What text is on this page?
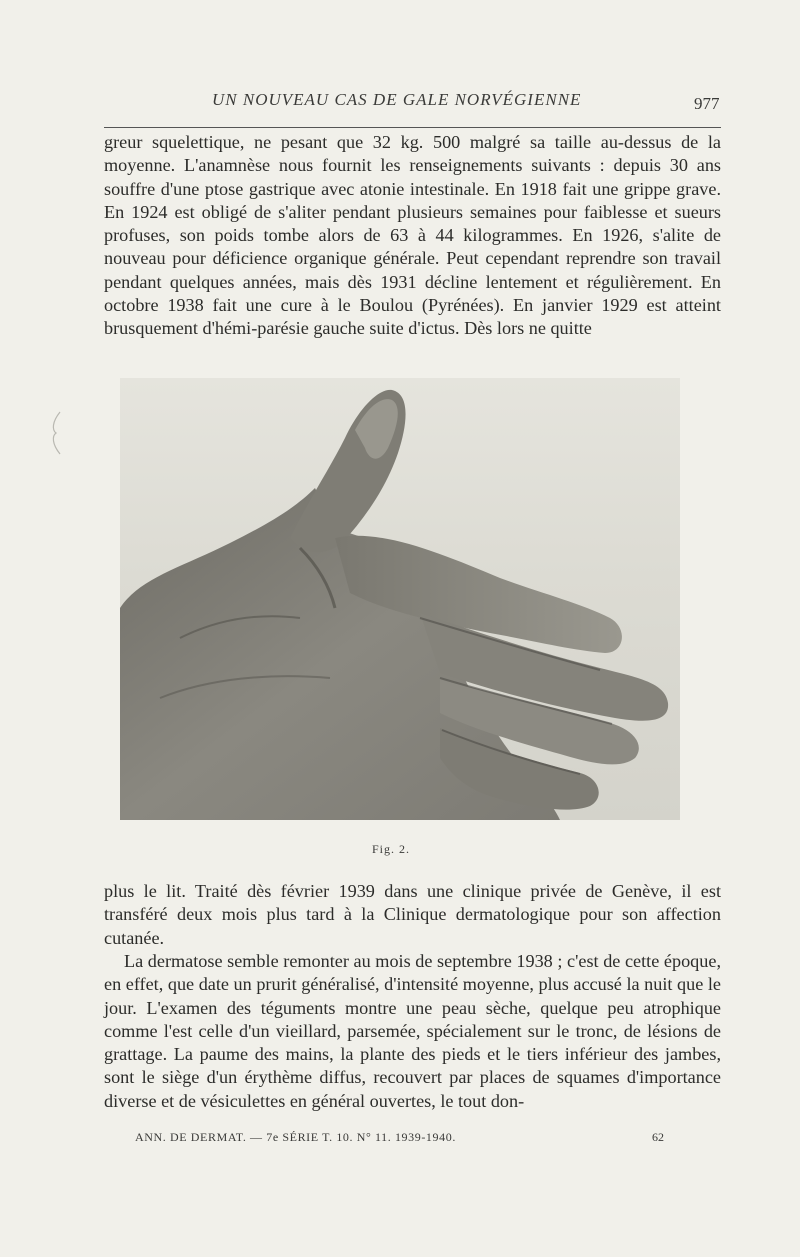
UN NOUVEAU CAS DE GALE NORVÉGIENNE	977

greur squelettique, ne pesant que 32 kg. 500 malgré sa taille au-dessus de la moyenne. L'anamnèse nous fournit les renseignements suivants : depuis 30 ans souffre d'une ptose gastrique avec atonie intestinale. En 1918 fait une grippe grave. En 1924 est obligé de s'aliter pendant plusieurs semaines pour faiblesse et sueurs profuses, son poids tombe alors de 63 à 44 kilogrammes. En 1926, s'alite de nouveau pour déficience organique générale. Peut cependant reprendre son travail pendant quelques années, mais dès 1931 décline lentement et régulièrement. En octobre 1938 fait une cure à le Boulou (Pyrénées). En janvier 1929 est atteint brusquement d'hémi-parésie gauche suite d'ictus. Dès lors ne quitte

Fig. 2.

plus le lit. Traité dès février 1939 dans une clinique privée de Genève, il est transféré deux mois plus tard à la Clinique dermatologique pour son affection cutanée.

La dermatose semble remonter au mois de septembre 1938 ; c'est de cette époque, en effet, que date un prurit généralisé, d'intensité moyenne, plus accusé la nuit que le jour. L'examen des téguments montre une peau sèche, quelque peu atrophique comme l'est celle d'un vieillard, parsemée, spécialement sur le tronc, de lésions de grattage. La paume des mains, la plante des pieds et le tiers inférieur des jambes, sont le siège d'un érythème diffus, recouvert par places de squames d'importance diverse et de vésiculettes en général ouvertes, le tout don-

ANN. DE DERMAT. — 7e SÉRIE T. 10. N° 11. 1939-1940.	62
